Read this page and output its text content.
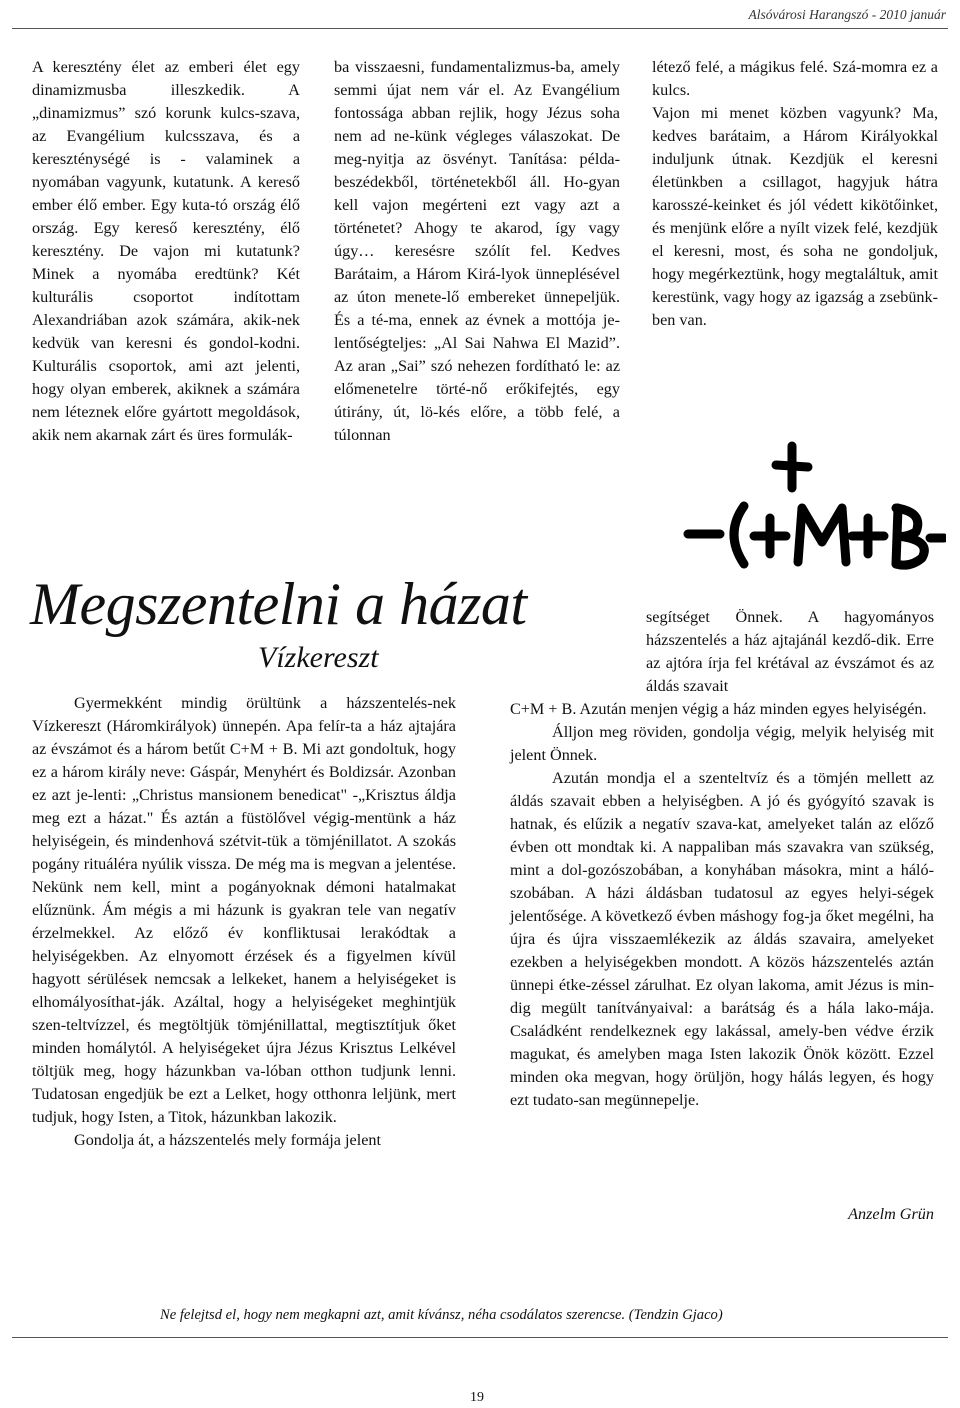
Alsóvárosi Harangszó - 2010 január

A keresztény élet az emberi élet egy dinamizmusba illeszkedik. A „dinamizmus” szó korunk kulcs-szava, az Evangélium kulcsszava, és a kereszténységé is - valaminek a nyomában vagyunk, kutatunk. A kereső ember élő ember. Egy kuta-tó ország élő ország. Egy kereső keresztény, élő keresztény. De vajon mi kutatunk? Minek a nyomába eredtünk? Két kulturális csoportot indítottam Alexandriában azok számára, akik-nek kedvük van keresni és gondol-kodni. Kulturális csoportok, ami azt jelenti, hogy olyan emberek, akiknek a számára nem léteznek előre gyártott megoldások, akik nem akarnak zárt és üres formulák-

ba visszaesni, fundamentalizmus-ba, amely semmi újat nem vár el. Az Evangélium fontossága abban rejlik, hogy Jézus soha nem ad ne-künk végleges válaszokat. De meg-nyitja az ösvényt. Tanítása: példa-beszédekből, történetekből áll. Ho-gyan kell vajon megérteni ezt vagy azt a történetet? Ahogy te akarod, így vagy úgy… keresésre szólít fel. Kedves Barátaim, a Három Kirá-lyok ünneplésével az úton menete-lő embereket ünnepeljük. És a té-ma, ennek az évnek a mottója je-lentőségteljes: „Al Sai Nahwa El Mazid”. Az aran „Sai” szó nehezen fordítható le: az előmenetelre törté-nő erőkifejtés, egy útirány, út, lö-kés előre, a több felé, a túlonnan

létező felé, a mágikus felé. Szá-momra ez a kulcs.

Vajon mi menet közben vagyunk? Ma, kedves barátaim, a Három Királyokkal induljunk útnak. Kezdjük el keresni életünkben a csillagot, hagyjuk hátra karosszé-keinket és jól védett kikötőinket, és menjünk előre a nyílt vizek felé, kezdjük el keresni, most, és soha ne gondoljuk, hogy megérkeztünk, hogy megtaláltuk, amit kerestünk, vagy hogy az igazság a zsebünk-ben van.

Megszentelni a házat
Vízkereszt

Gyermekként mindig örültünk a házszentelés-nek Vízkereszt (Háromkirályok) ünnepén. Apa felír-ta a ház ajtajára az évszámot és a három betűt C+M + B. Mi azt gondoltuk, hogy ez a három király neve: Gáspár, Menyhért és Boldizsár. Azonban ez azt je-lenti: „Christus mansionem benedicat" -„Krisztus áldja meg ezt a házat." És aztán a füstölővel végig-mentünk a ház helyiségein, és mindenhová szétvit-tük a tömjénillatot. A szokás pogány rituáléra nyúlik vissza. De még ma is megvan a jelentése. Nekünk nem kell, mint a pogányoknak démoni hatalmakat elűznünk. Ám mégis a mi házunk is gyakran tele van negatív érzelmekkel. Az előző év konfliktusai lerakódtak a helyiségekben. Az elnyomott érzések és a figyelmen kívül hagyott sérülések nemcsak a lelkeket, hanem a helyiségeket is elhomályosíthat-ják. Azáltal, hogy a helyiségeket meghintjük szen-teltvízzel, és megtöltjük tömjénillattal, megtisztítjuk őket minden homálytól. A helyiségeket újra Jézus Krisztus Lelkével töltjük meg, hogy házunkban va-lóban otthon tudjunk lenni. Tudatosan engedjük be ezt a Lelket, hogy otthonra leljünk, mert tudjuk, hogy Isten, a Titok, házunkban lakozik.

Gondolja át, a házszentelés mely formája jelent

segítséget Önnek. A hagyományos házszentelés a ház ajtajánál kezdő-dik. Erre az ajtóra írja fel krétával az évszámot és az áldás szavait

C+M + B. Azután menjen végig a ház minden egyes helyiségén.

Álljon meg röviden, gondolja végig, melyik helyiség mit jelent Önnek.

Azután mondja el a szenteltvíz és a tömjén mellett az áldás szavait ebben a helyiségben. A jó és gyógyító szavak is hatnak, és elűzik a negatív szava-kat, amelyeket talán az előző évben ott mondtak ki. A nappaliban más szavakra van szükség, mint a dol-gozószobában, a konyhában másokra, mint a háló-szobában. A házi áldásban tudatosul az egyes helyi-ségek jelentősége. A következő évben máshogy fog-ja őket megélni, ha újra és újra visszaemlékezik az áldás szavaira, amelyeket ezekben a helyiségekben mondott. A közös házszentelés aztán ünnepi étke-zéssel zárulhat. Ez olyan lakoma, amit Jézus is min-dig megült tanítványaival: a barátság és a hála lako-mája. Családként rendelkeznek egy lakással, amely-ben védve érzik magukat, és amelyben maga Isten lakozik Önök között. Ezzel minden oka megvan, hogy örüljön, hogy hálás legyen, és hogy ezt tudato-san megünnepelje.

Anzelm Grün
Ne felejtsd el, hogy nem megkapni azt, amit kívánsz, néha csodálatos szerencse. (Tendzin Gjaco)
19
